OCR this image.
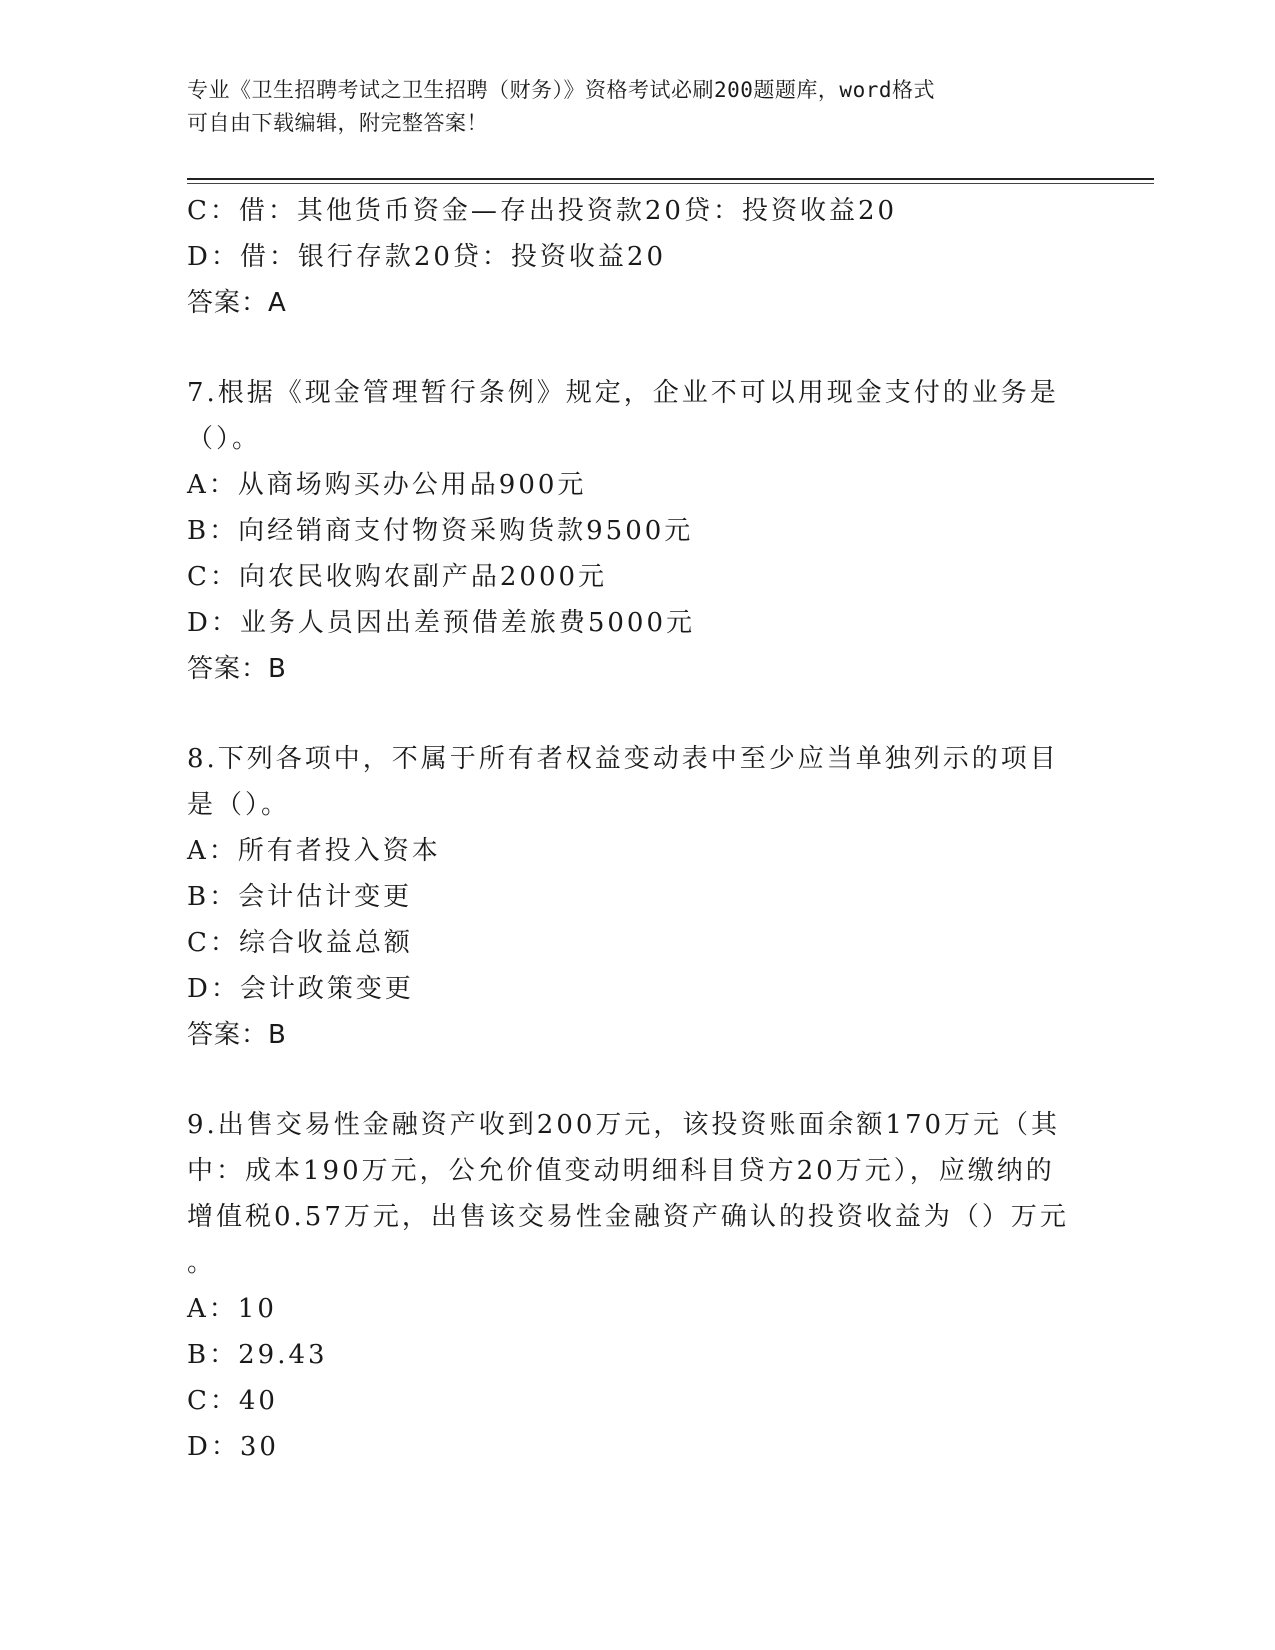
专业《卫生招聘考试之卫生招聘（财务）》资格考试必刷200题题库，word格式
可自由下载编辑，附完整答案！
C：借：其他货币资金—存出投资款20贷：投资收益20
D：借：银行存款20贷：投资收益20
答案：A
7.根据《现金管理暂行条例》规定，企业不可以用现金支付的业务是
（）。
A：从商场购买办公用品900元
B：向经销商支付物资采购货款9500元
C：向农民收购农副产品2000元
D：业务人员因出差预借差旅费5000元
答案：B
8.下列各项中，不属于所有者权益变动表中至少应当单独列示的项目
是（）。
A：所有者投入资本
B：会计估计变更
C：综合收益总额
D：会计政策变更
答案：B
9.出售交易性金融资产收到200万元，该投资账面余额170万元（其
中：成本190万元，公允价值变动明细科目贷方20万元），应缴纳的
增值税0.57万元，出售该交易性金融资产确认的投资收益为（）万元
。
A：10
B：29.43
C：40
D：30
